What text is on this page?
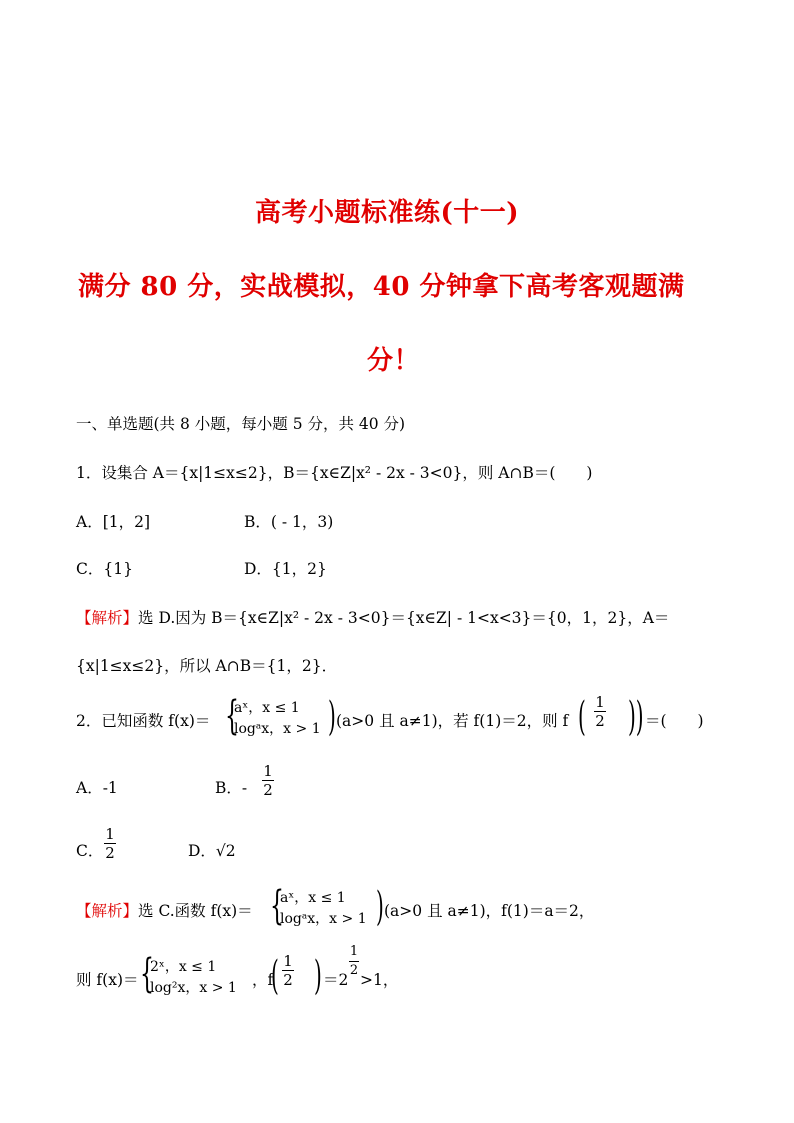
高考小题标准练(十一)
满分 80 分，实战模拟，40 分钟拿下高考客观题满
分！
一、单选题(共 8 小题，每小题 5 分，共 40 分)
1．设集合 A＝{x|1≤x≤2}，B＝{x∈Z|x² ‑ 2x ‑ 3<0}，则 A∩B＝(　　)
A．[1，2]	B．( ‑ 1，3)
C．{1}	D．{1，2}
【解析】选 D.因为 B＝{x∈Z|x² ‑ 2x ‑ 3<0}＝{x∈Z| ‑ 1<x<3}＝{0，1，2}，A＝
{x|1≤x≤2}，所以 A∩B＝{1，2}．
2．已知函数 f(x)＝ {
aˣ，x ≤ 1
logᵃx，x > 1 ) (a>0 且 a≠1)，若 f(1)＝2，则 f ( 1
2 )) ＝(　　)
A．‑1	B．‑
1
2
C．
1
2	D．√2
【解析】选 C.函数 f(x)＝ {
aˣ，x ≤ 1
logᵃx，x > 1 ) (a>0 且 a≠1)，f(1)＝a＝2，
则 f(x)＝ {
2ˣ，x ≤ 1
log²x，x > 1 ，f
( 1
2 ) ＝2
1
2
>1，
